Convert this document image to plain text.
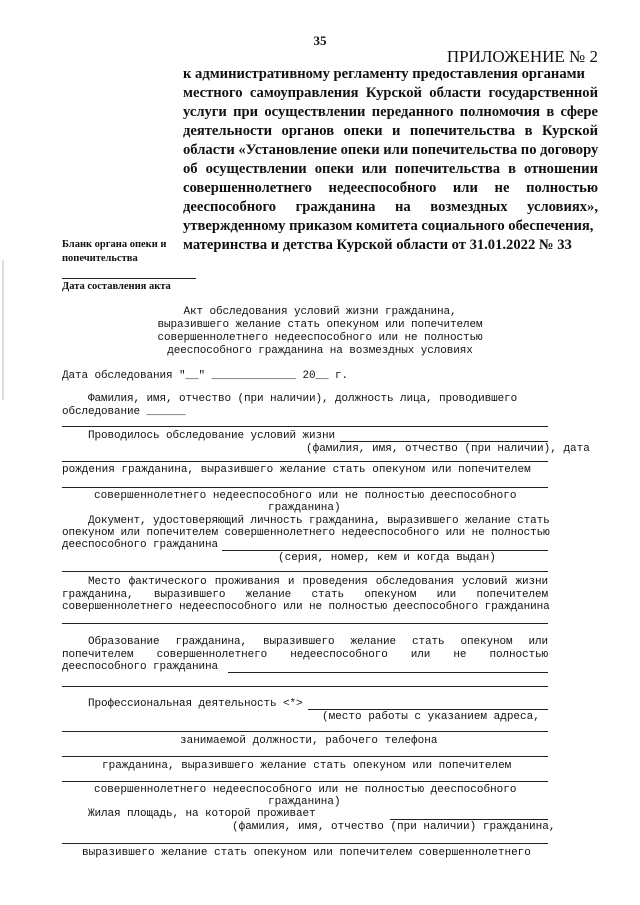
35
ПРИЛОЖЕНИЕ № 2
к административному регламенту предоставления органами
местного самоуправления Курской области государственной
услуги при осуществлении переданного полномочия в сфере
деятельности органов опеки и попечительства в Курской
области «Установление опеки или попечительства по договору
об осуществлении опеки или попечительства в отношении
совершеннолетнего недееспособного или не полностью
дееспособного гражданина на возмездных условиях»,
утвержденному приказом комитета социального обеспечения,
материнства и детства Курской области от 31.01.2022 № 33
Бланк органа опеки и
попечительства
Дата составления акта
Акт обследования условий жизни гражданина,
выразившего желание стать опекуном или попечителем
совершеннолетнего недееспособного или не полностью
дееспособного гражданина на возмездных условиях
Дата обследования "__" _____________ 20__ г.
Фамилия, имя, отчество (при наличии), должность лица, проводившего
обследование ______
Проводилось обследование условий жизни
(фамилия, имя, отчество (при наличии), дата
рождения гражданина, выразившего желание стать опекуном или попечителем
совершеннолетнего недееспособного или не полностью дееспособного
гражданина)
Документ, удостоверяющий личность гражданина, выразившего желание стать
опекуном или попечителем совершеннолетнего недееспособного или не полностью
дееспособного гражданина
(серия, номер, кем и когда выдан)
Место фактического проживания и проведения обследования условий жизни
гражданина, выразившего желание стать опекуном или попечителем
совершеннолетнего недееспособного или не полностью дееспособного гражданина
Образование гражданина, выразившего желание стать опекуном или
попечителем совершеннолетнего недееспособного или не полностью
дееспособного гражданина
Профессиональная деятельность <*>
(место работы с указанием адреса,
занимаемой должности, рабочего телефона
гражданина, выразившего желание стать опекуном или попечителем
совершеннолетнего недееспособного или не полностью дееспособного
гражданина)
Жилая площадь, на которой проживает
(фамилия, имя, отчество (при наличии) гражданина,
выразившего желание стать опекуном или попечителем совершеннолетнего
